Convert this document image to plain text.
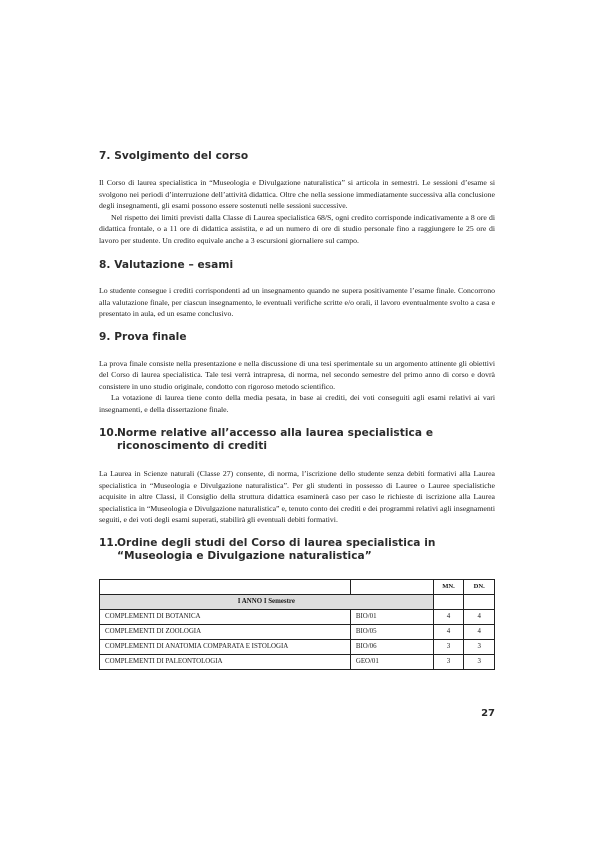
7. Svolgimento del corso

Il Corso di laurea specialistica in “Museologia e Divulgazione naturalistica” si articola in semestri. Le sessioni d’esame si svolgono nei periodi d’interruzione dell’attività didattica. Oltre che nella sessione immediatamente successiva alla conclusione degli insegnamenti, gli esami possono essere sostenuti nelle sessioni successive.

Nel rispetto dei limiti previsti dalla Classe di Laurea specialistica 68/S, ogni credito corrisponde indicativamente a 8 ore di didattica frontale, o a 11 ore di didattica assistita, e ad un numero di ore di studio personale fino a raggiungere le 25 ore di lavoro per studente. Un credito equivale anche a 3 escursioni giornaliere sul campo.

8. Valutazione – esami

Lo studente consegue i crediti corrispondenti ad un insegnamento quando ne supera positivamente l’esame finale. Concorrono alla valutazione finale, per ciascun insegnamento, le eventuali verifiche scritte e/o orali, il lavoro eventualmente svolto a casa e presentato in aula, ed un esame conclusivo.

9. Prova finale

La prova finale consiste nella presentazione e nella discussione di una tesi sperimentale su un argomento attinente gli obiettivi del Corso di laurea specialistica. Tale tesi verrà intrapresa, di norma, nel secondo semestre del primo anno di corso e dovrà consistere in uno studio originale, condotto con rigoroso metodo scientifico.

La votazione di laurea tiene conto della media pesata, in base ai crediti, dei voti conseguiti agli esami relativi ai vari insegnamenti, e della dissertazione finale.

10. Norme relative all’accesso alla laurea specialistica e riconoscimento di crediti

La Laurea in Scienze naturali (Classe 27) consente, di norma, l’iscrizione dello studente senza debiti formativi alla Laurea specialistica in “Museologia e Divulgazione naturalistica”. Per gli studenti in possesso di Lauree o Lauree specialistiche acquisite in altre Classi, il Consiglio della struttura didattica esaminerà caso per caso le richieste di iscrizione alla Laurea specialistica in “Museologia e Divulgazione naturalistica” e, tenuto conto dei crediti e dei programmi relativi agli insegnamenti seguiti, e dei voti degli esami superati, stabilirà gli eventuali debiti formativi.

11. Ordine degli studi del Corso di laurea specialistica in “Museologia e Divulgazione naturalistica”
		MN.	DN.
I ANNO I Semestre			
COMPLEMENTI DI BOTANICA	BIO/01	4	4
COMPLEMENTI DI ZOOLOGIA	BIO/05	4	4
COMPLEMENTI DI ANATOMIA COMPARATA E ISTOLOGIA	BIO/06	3	3
COMPLEMENTI DI PALEONTOLOGIA	GEO/01	3	3
27
